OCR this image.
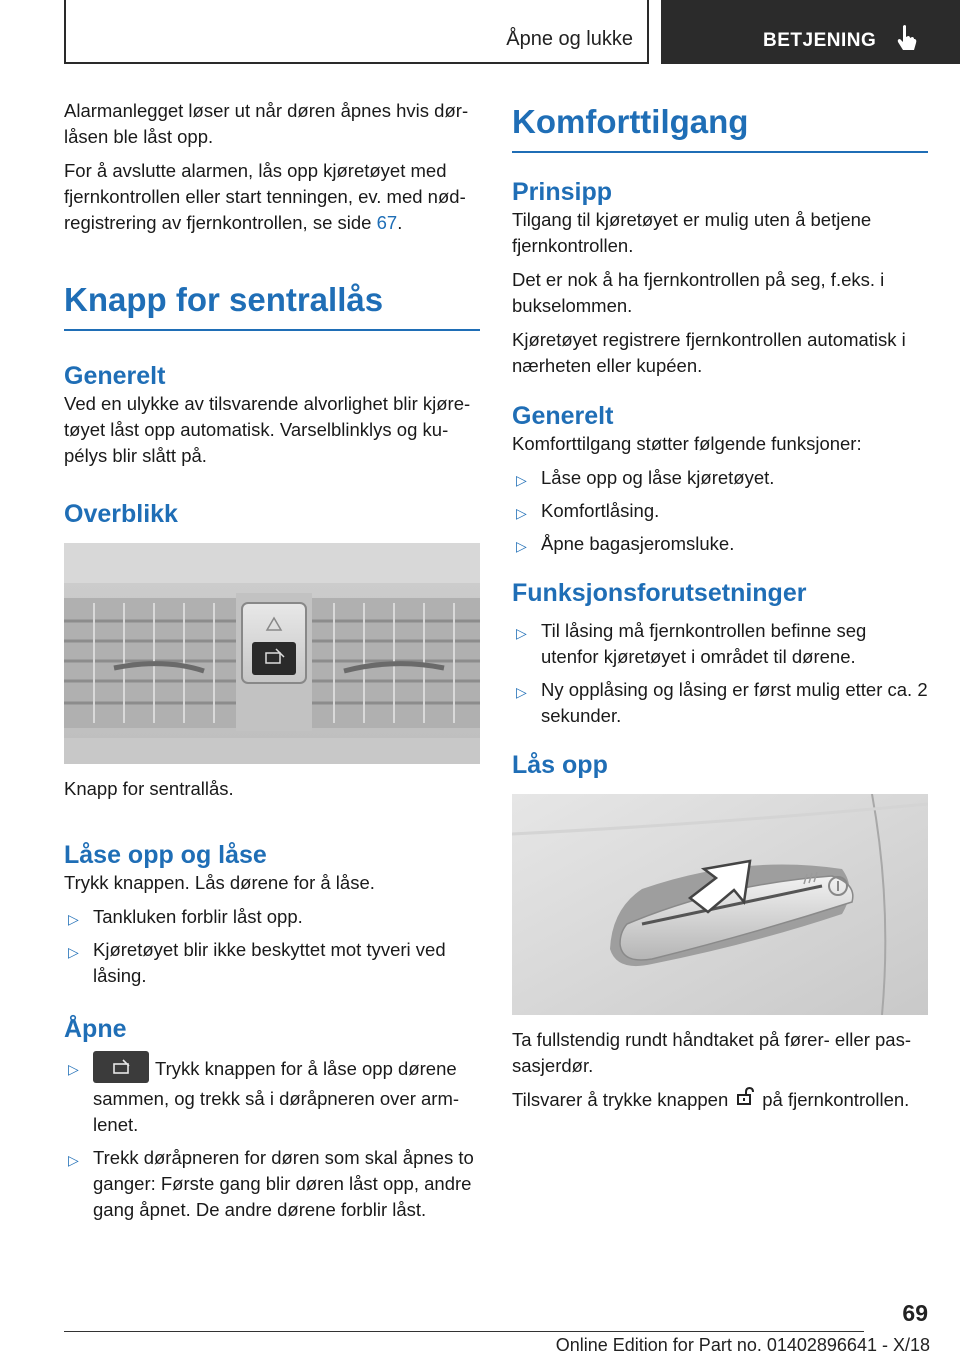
Åpne og lukke	BETJENING

Alarmanlegget løser ut når døren åpnes hvis dørlåsen ble låst opp.

For å avslutte alarmen, lås opp kjøretøyet med fjernkontrollen eller start tenningen, ev. med nødregistrering av fjernkontrollen, se side 67.

Knapp for sentrallås
Generelt

Ved en ulykke av tilsvarende alvorlighet blir kjøretøyet låst opp automatisk. Varselblinklys og kupélys blir slått på.

Overblikk

Knapp for sentrallås.

Låse opp og låse

Trykk knappen. Lås dørene for å låse.

▷ Tankluken forblir låst opp.
▷ Kjøretøyet blir ikke beskyttet mot tyveri ved låsing.
Åpne
▷	Trykk knappen for å låse opp dørene sammen, og trekk så i døråpneren over armlenet.
▷ Trekk døråpneren for døren som skal åpnes to ganger: Første gang blir døren låst opp, andre gang åpnet. De andre dørene forblir låst.
Komforttilgang
Prinsipp

Tilgang til kjøretøyet er mulig uten å betjene fjernkontrollen.

Det er nok å ha fjernkontrollen på seg, f.eks. i bukselommen.

Kjøretøyet registrere fjernkontrollen automatisk i nærheten eller kupéen.

Generelt

Komforttilgang støtter følgende funksjoner:

▷ Låse opp og låse kjøretøyet.
▷ Komfortlåsing.
▷ Åpne bagasjeromsluke.
Funksjonsforutsetninger
▷ Til låsing må fjernkontrollen befinne seg utenfor kjøretøyet i området til dørene.
▷ Ny opplåsing og låsing er først mulig etter ca. 2 sekunder.
Lås opp

Ta fullstendig rundt håndtaket på fører- eller passasjerdør.

Tilsvarer å trykke knappen på fjernkontrollen.

69
Online Edition for Part no. 01402896641 - X/18
